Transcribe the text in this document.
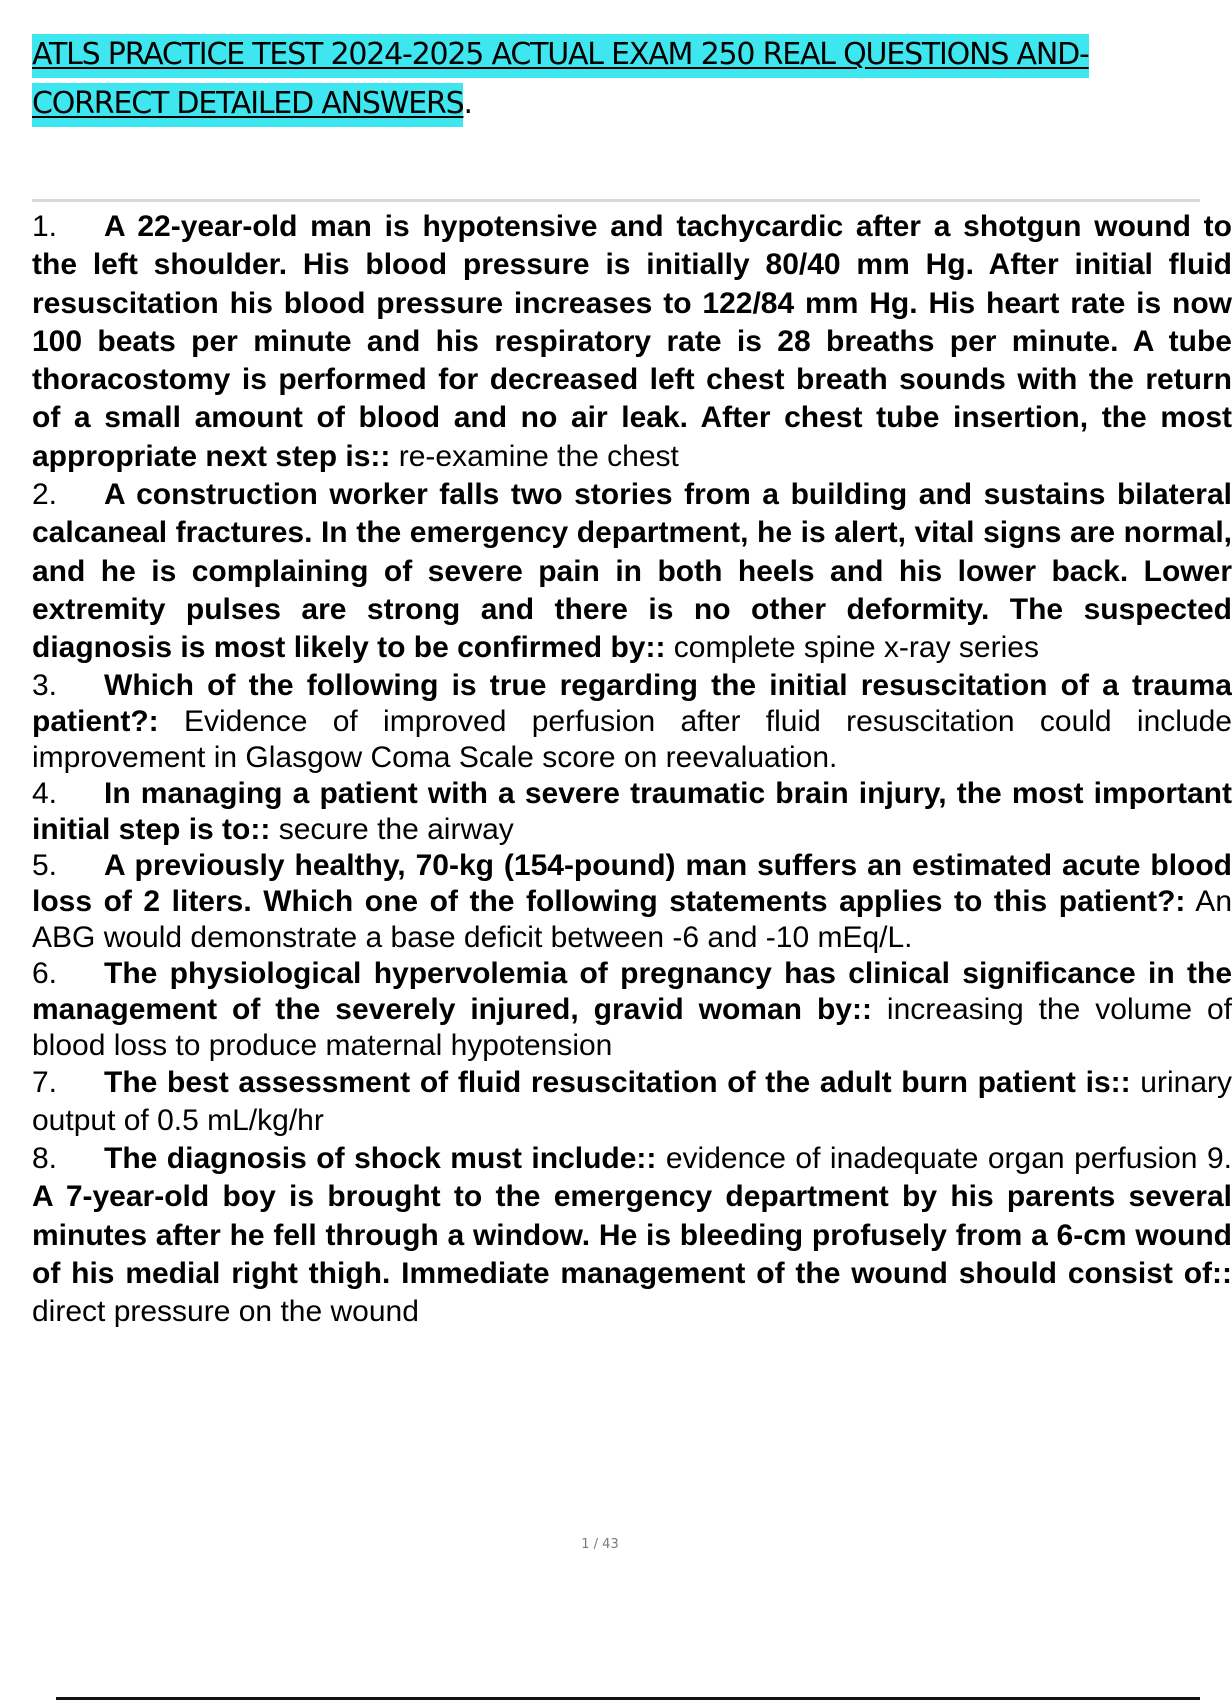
ATLS PRACTICE TEST 2024-2025 ACTUAL EXAM 250 REAL QUESTIONS AND-
CORRECT DETAILED ANSWERS.
1. A 22-year-old man is hypotensive and tachycardic after a shotgun wound to the left shoulder. His blood pressure is initially 80/40 mm Hg. After initial fluid resuscitation his blood pressure increases to 122/84 mm Hg. His heart rate is now 100 beats per minute and his respiratory rate is 28 breaths per minute. A tube thoracostomy is performed for decreased left chest breath sounds with the return of a small amount of blood and no air leak. After chest tube insertion, the most appropriate next step is:: re-examine the chest
2. A construction worker falls two stories from a building and sustains bilateral calcaneal fractures. In the emergency department, he is alert, vital signs are normal, and he is complaining of severe pain in both heels and his lower back. Lower extremity pulses are strong and there is no other deformity. The suspected diagnosis is most likely to be confirmed by:: complete spine x-ray series
3. Which of the following is true regarding the initial resuscitation of a trauma patient?: Evidence of improved perfusion after fluid resuscitation could include improvement in Glasgow Coma Scale score on reevaluation.
4. In managing a patient with a severe traumatic brain injury, the most important initial step is to:: secure the airway
5. A previously healthy, 70-kg (154-pound) man suffers an estimated acute blood loss of 2 liters. Which one of the following statements applies to this patient?: An ABG would demonstrate a base deficit between -6 and -10 mEq/L.
6. The physiological hypervolemia of pregnancy has clinical significance in the management of the severely injured, gravid woman by:: increasing the volume of blood loss to produce maternal hypotension
7. The best assessment of fluid resuscitation of the adult burn patient is:: urinary output of 0.5 mL/kg/hr
8. The diagnosis of shock must include:: evidence of inadequate organ perfusion 9. A 7-year-old boy is brought to the emergency department by his parents several minutes after he fell through a window. He is bleeding profusely from a 6-cm wound of his medial right thigh. Immediate management of the wound should consist of:: direct pressure on the wound
1 / 43
